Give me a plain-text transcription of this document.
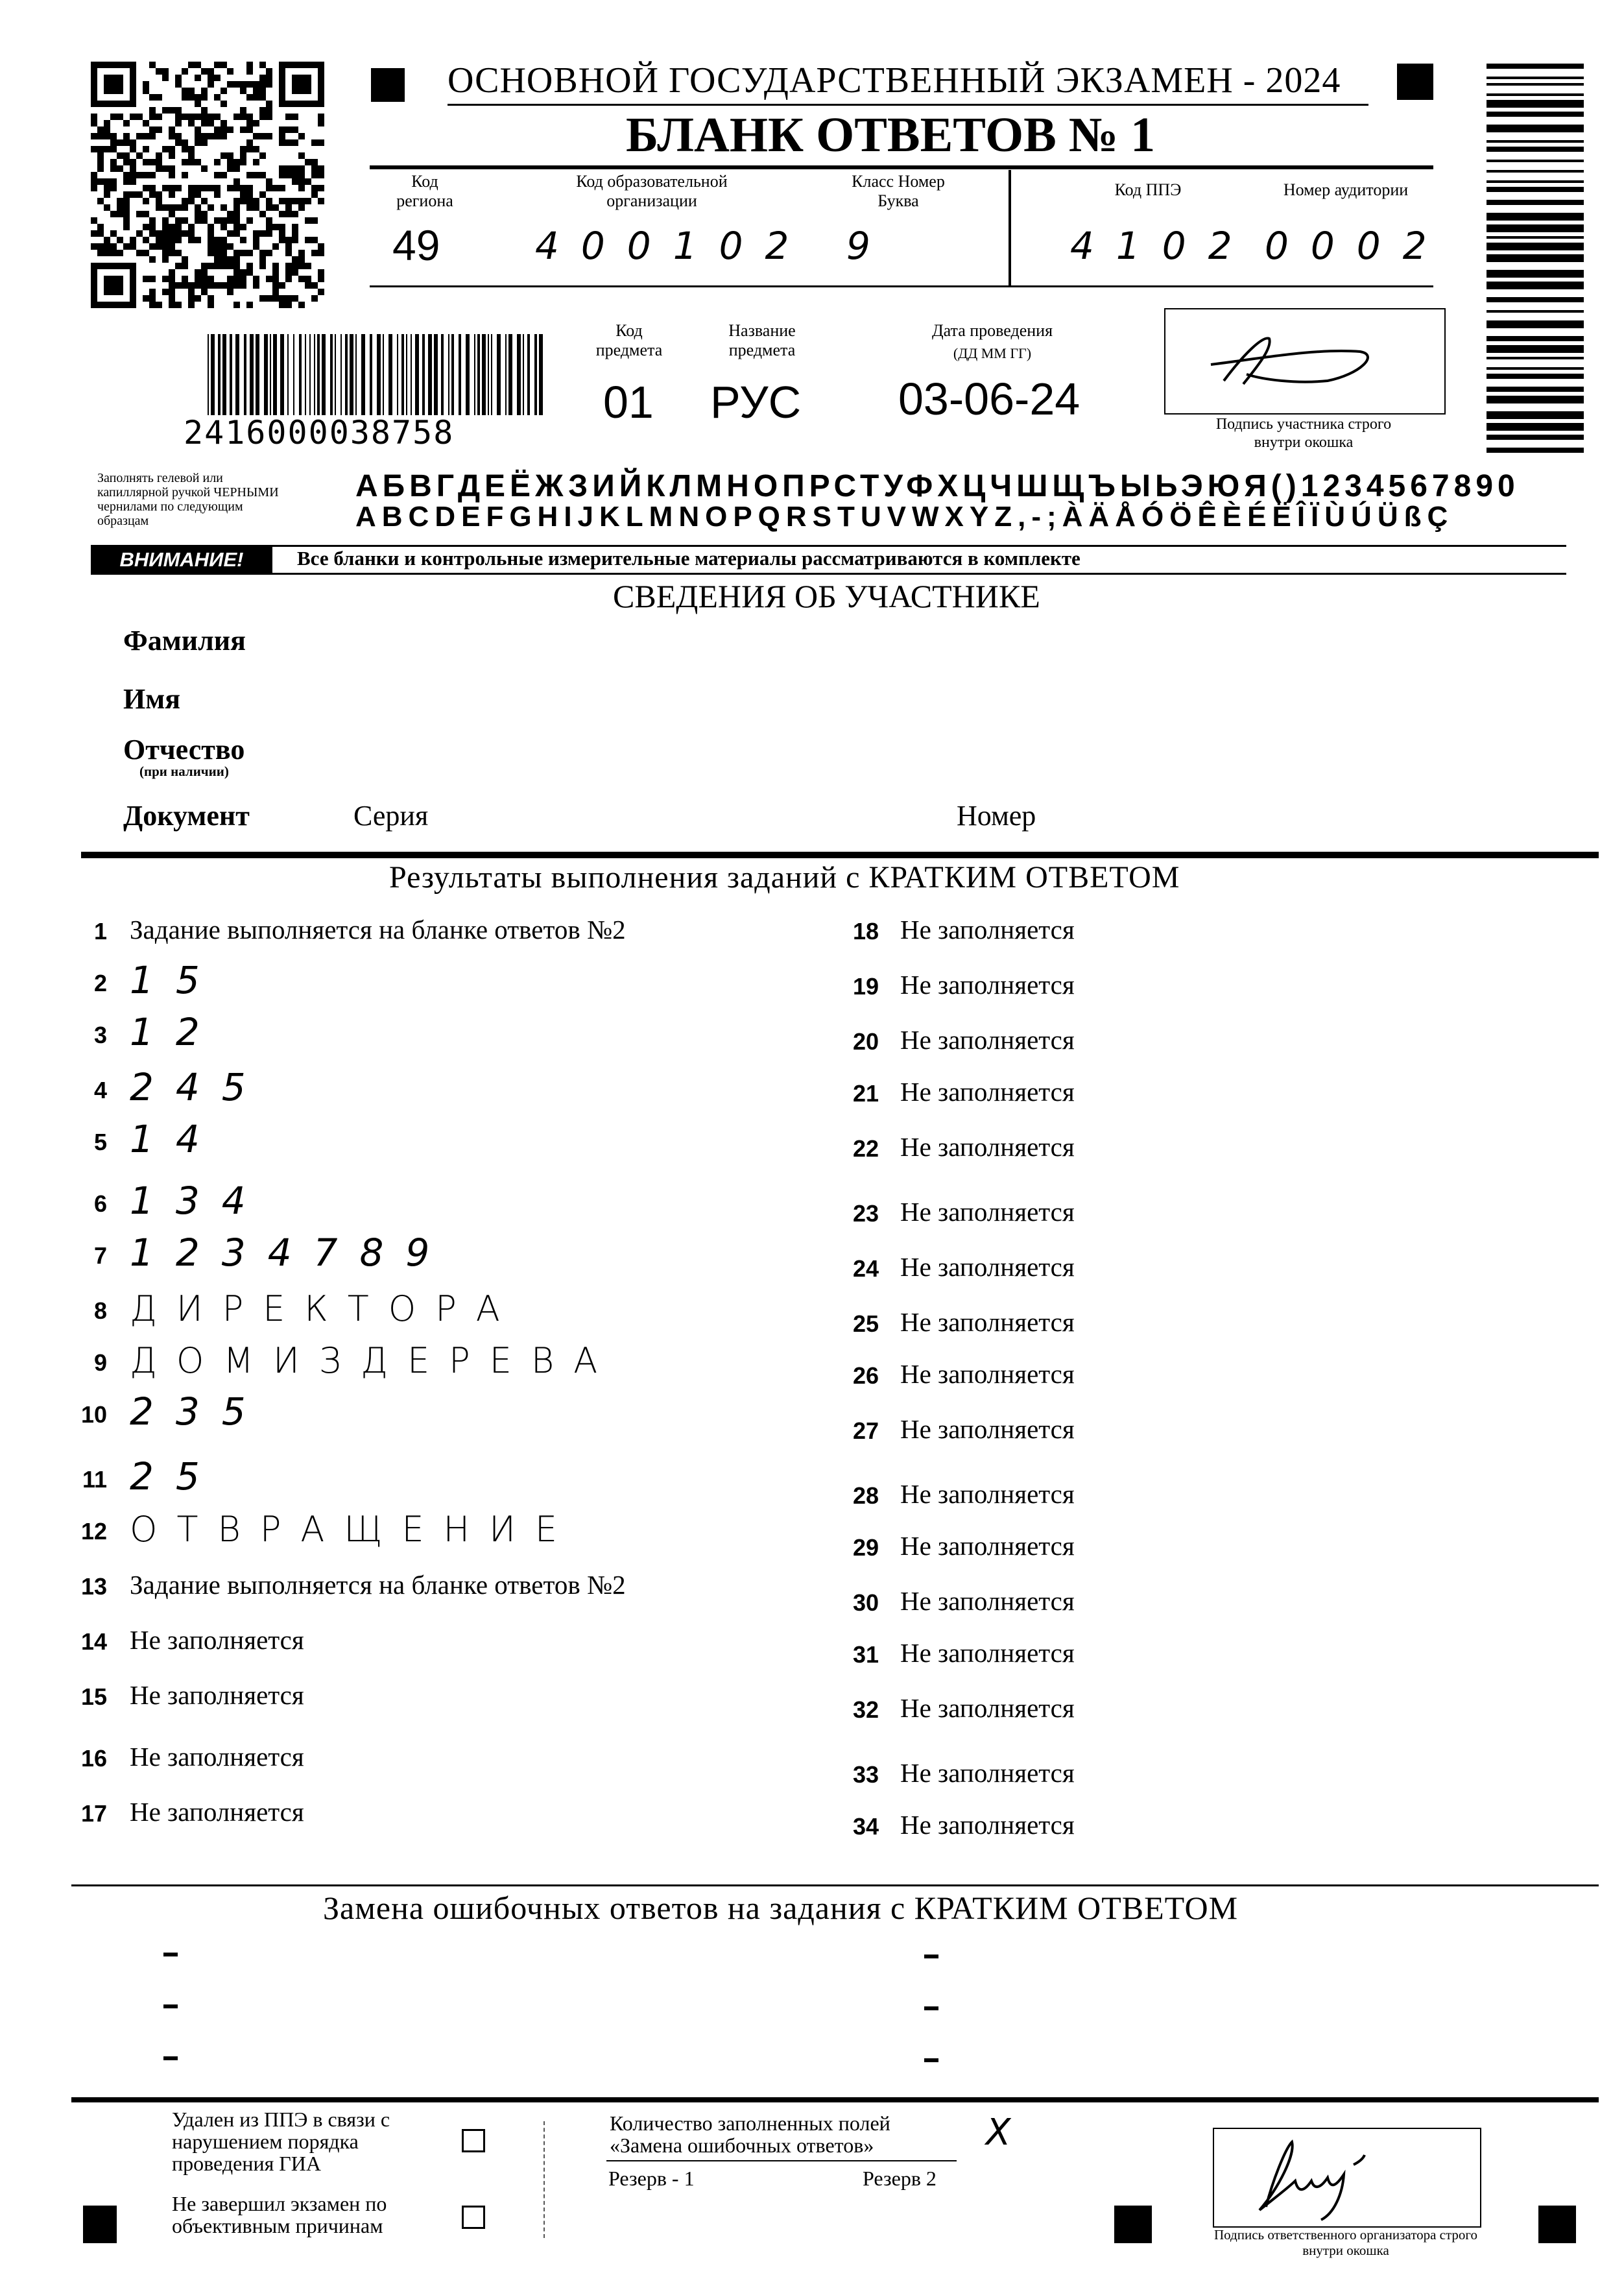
ОСНОВНОЙ ГОСУДАРСТВЕННЫЙ ЭКЗАМЕН - 2024
БЛАНК ОТВЕТОВ № 1
Код региона
49
Код образовательной организации
400102
Класс Номер Буква
9
Код ППЭ
4102
Номер аудитории
0002
2416000038758
Код предмета
01
Название предмета
РУС
Дата проведения
(ДД ММ ГГ)
03-06-24	Подпись участника строго внутри окошка
Заполнять гелевой или капиллярной ручкой ЧЕРНЫМИ чернилами по следующим образцам
АБВГДЕЁЖЗИЙКЛМНОПРСТУФХЦЧШЩЪЫЬЭЮЯ()1234567890
ABCDEFGHIJKLMNOPQRSTUVWXYZ,-;ÀÄÅÓÖÊÈÉËÎÏÙÚÜßÇ
ВНИМАНИЕ!	Все бланки и контрольные измерительные материалы рассматриваются в комплекте
СВЕДЕНИЯ ОБ УЧАСТНИКЕ
Фамилия
Имя
Отчество
(при наличии)
Документ	Серия	Номер
Результаты выполнения заданий с КРАТКИМ ОТВЕТОМ
1 Задание выполняется на бланке ответов №2
2 15
3 12
4 245
5 14
6 134
7 1234789
8 ДИРЕКТОРА
9 ДОМИЗДЕРЕВА
10 235
11 25
12 ОТВРАЩЕНИЕ
13 Задание выполняется на бланке ответов №2
14 Не заполняется
15 Не заполняется
16 Не заполняется
17 Не заполняется
18 Не заполняется
19 Не заполняется
20 Не заполняется
21 Не заполняется
22 Не заполняется
23 Не заполняется
24 Не заполняется
25 Не заполняется
26 Не заполняется
27 Не заполняется
28 Не заполняется
29 Не заполняется
30 Не заполняется
31 Не заполняется
32 Не заполняется
33 Не заполняется
34 Не заполняется
Замена ошибочных ответов на задания с КРАТКИМ ОТВЕТОМ
Удален из ППЭ в связи с нарушением порядка проведения ГИА
Не завершил экзамен по объективным причинам
Количество заполненных полей «Замена ошибочных ответов»	Х
Резерв - 1	Резерв 2
Подпись ответственного организатора строго внутри окошка
